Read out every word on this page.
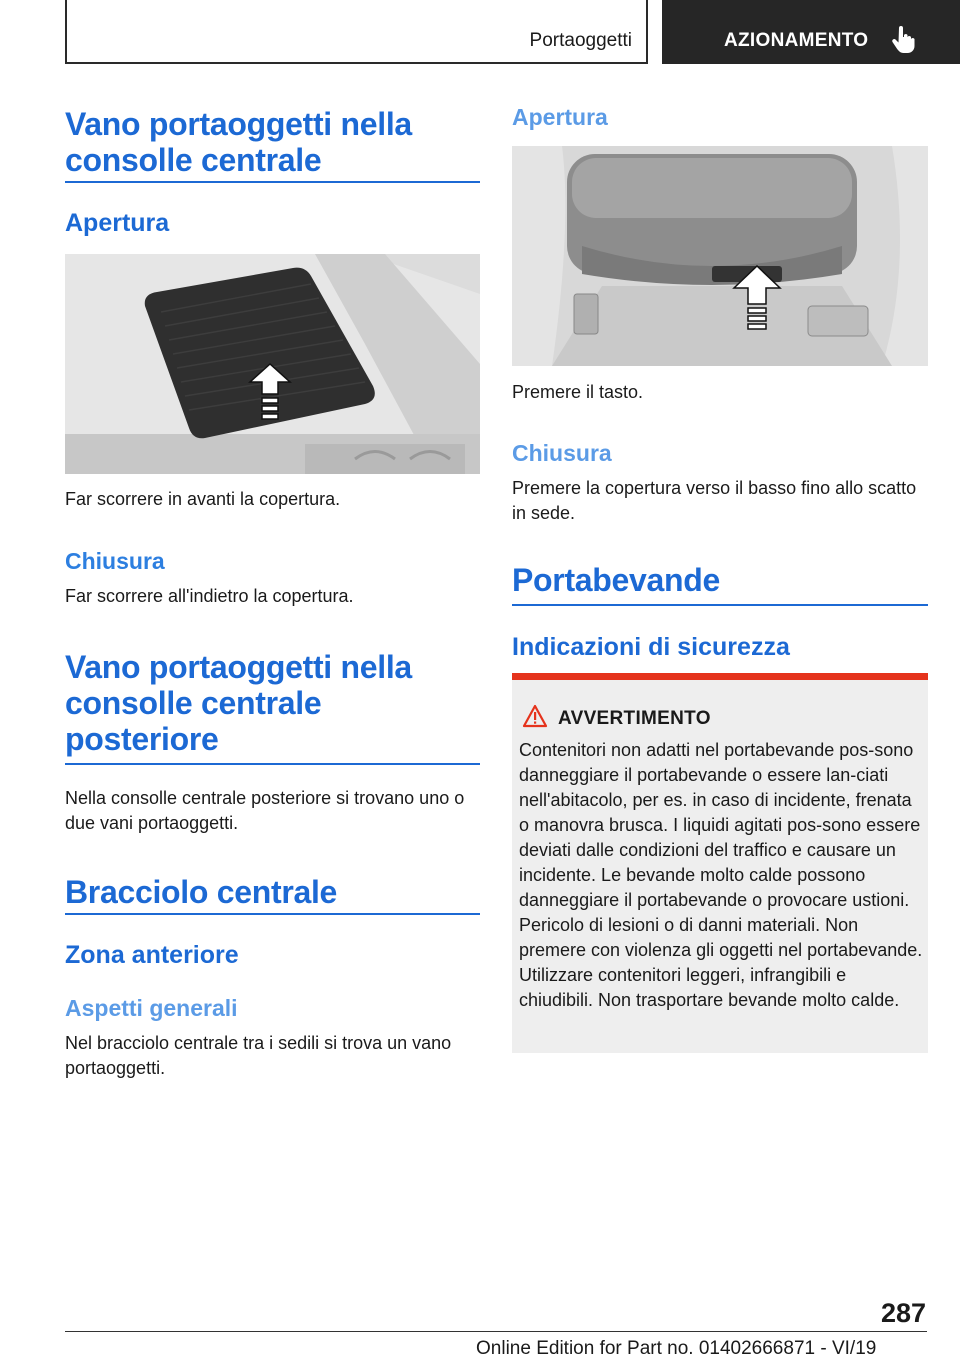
Portaoggetti	AZIONAMENTO
Vano portaoggetti nella consolle centrale
Apertura
Far scorrere in avanti la copertura.
Chiusura
Far scorrere all'indietro la copertura.
Vano portaoggetti nella consolle centrale posteriore
Nella consolle centrale posteriore si trovano uno o due vani portaoggetti.
Bracciolo centrale
Zona anteriore
Aspetti generali
Nel bracciolo centrale tra i sedili si trova un vano portaoggetti.
Apertura
Premere il tasto.
Chiusura
Premere la copertura verso il basso fino allo scatto in sede.
Portabevande
Indicazioni di sicurezza
AVVERTIMENTO
Contenitori non adatti nel portabevande pos-sono danneggiare il portabevande o essere lan-ciati nell'abitacolo, per es. in caso di incidente, frenata o manovra brusca. I liquidi agitati pos-sono essere deviati dalle condizioni del traffico e causare un incidente. Le bevande molto calde possono danneggiare il portabevande o provocare ustioni. Pericolo di lesioni o di danni materiali. Non premere con violenza gli oggetti nel portabevande. Utilizzare contenitori leggeri, infrangibili e chiudibili. Non trasportare bevande molto calde.
287
Online Edition for Part no. 01402666871 - VI/19
